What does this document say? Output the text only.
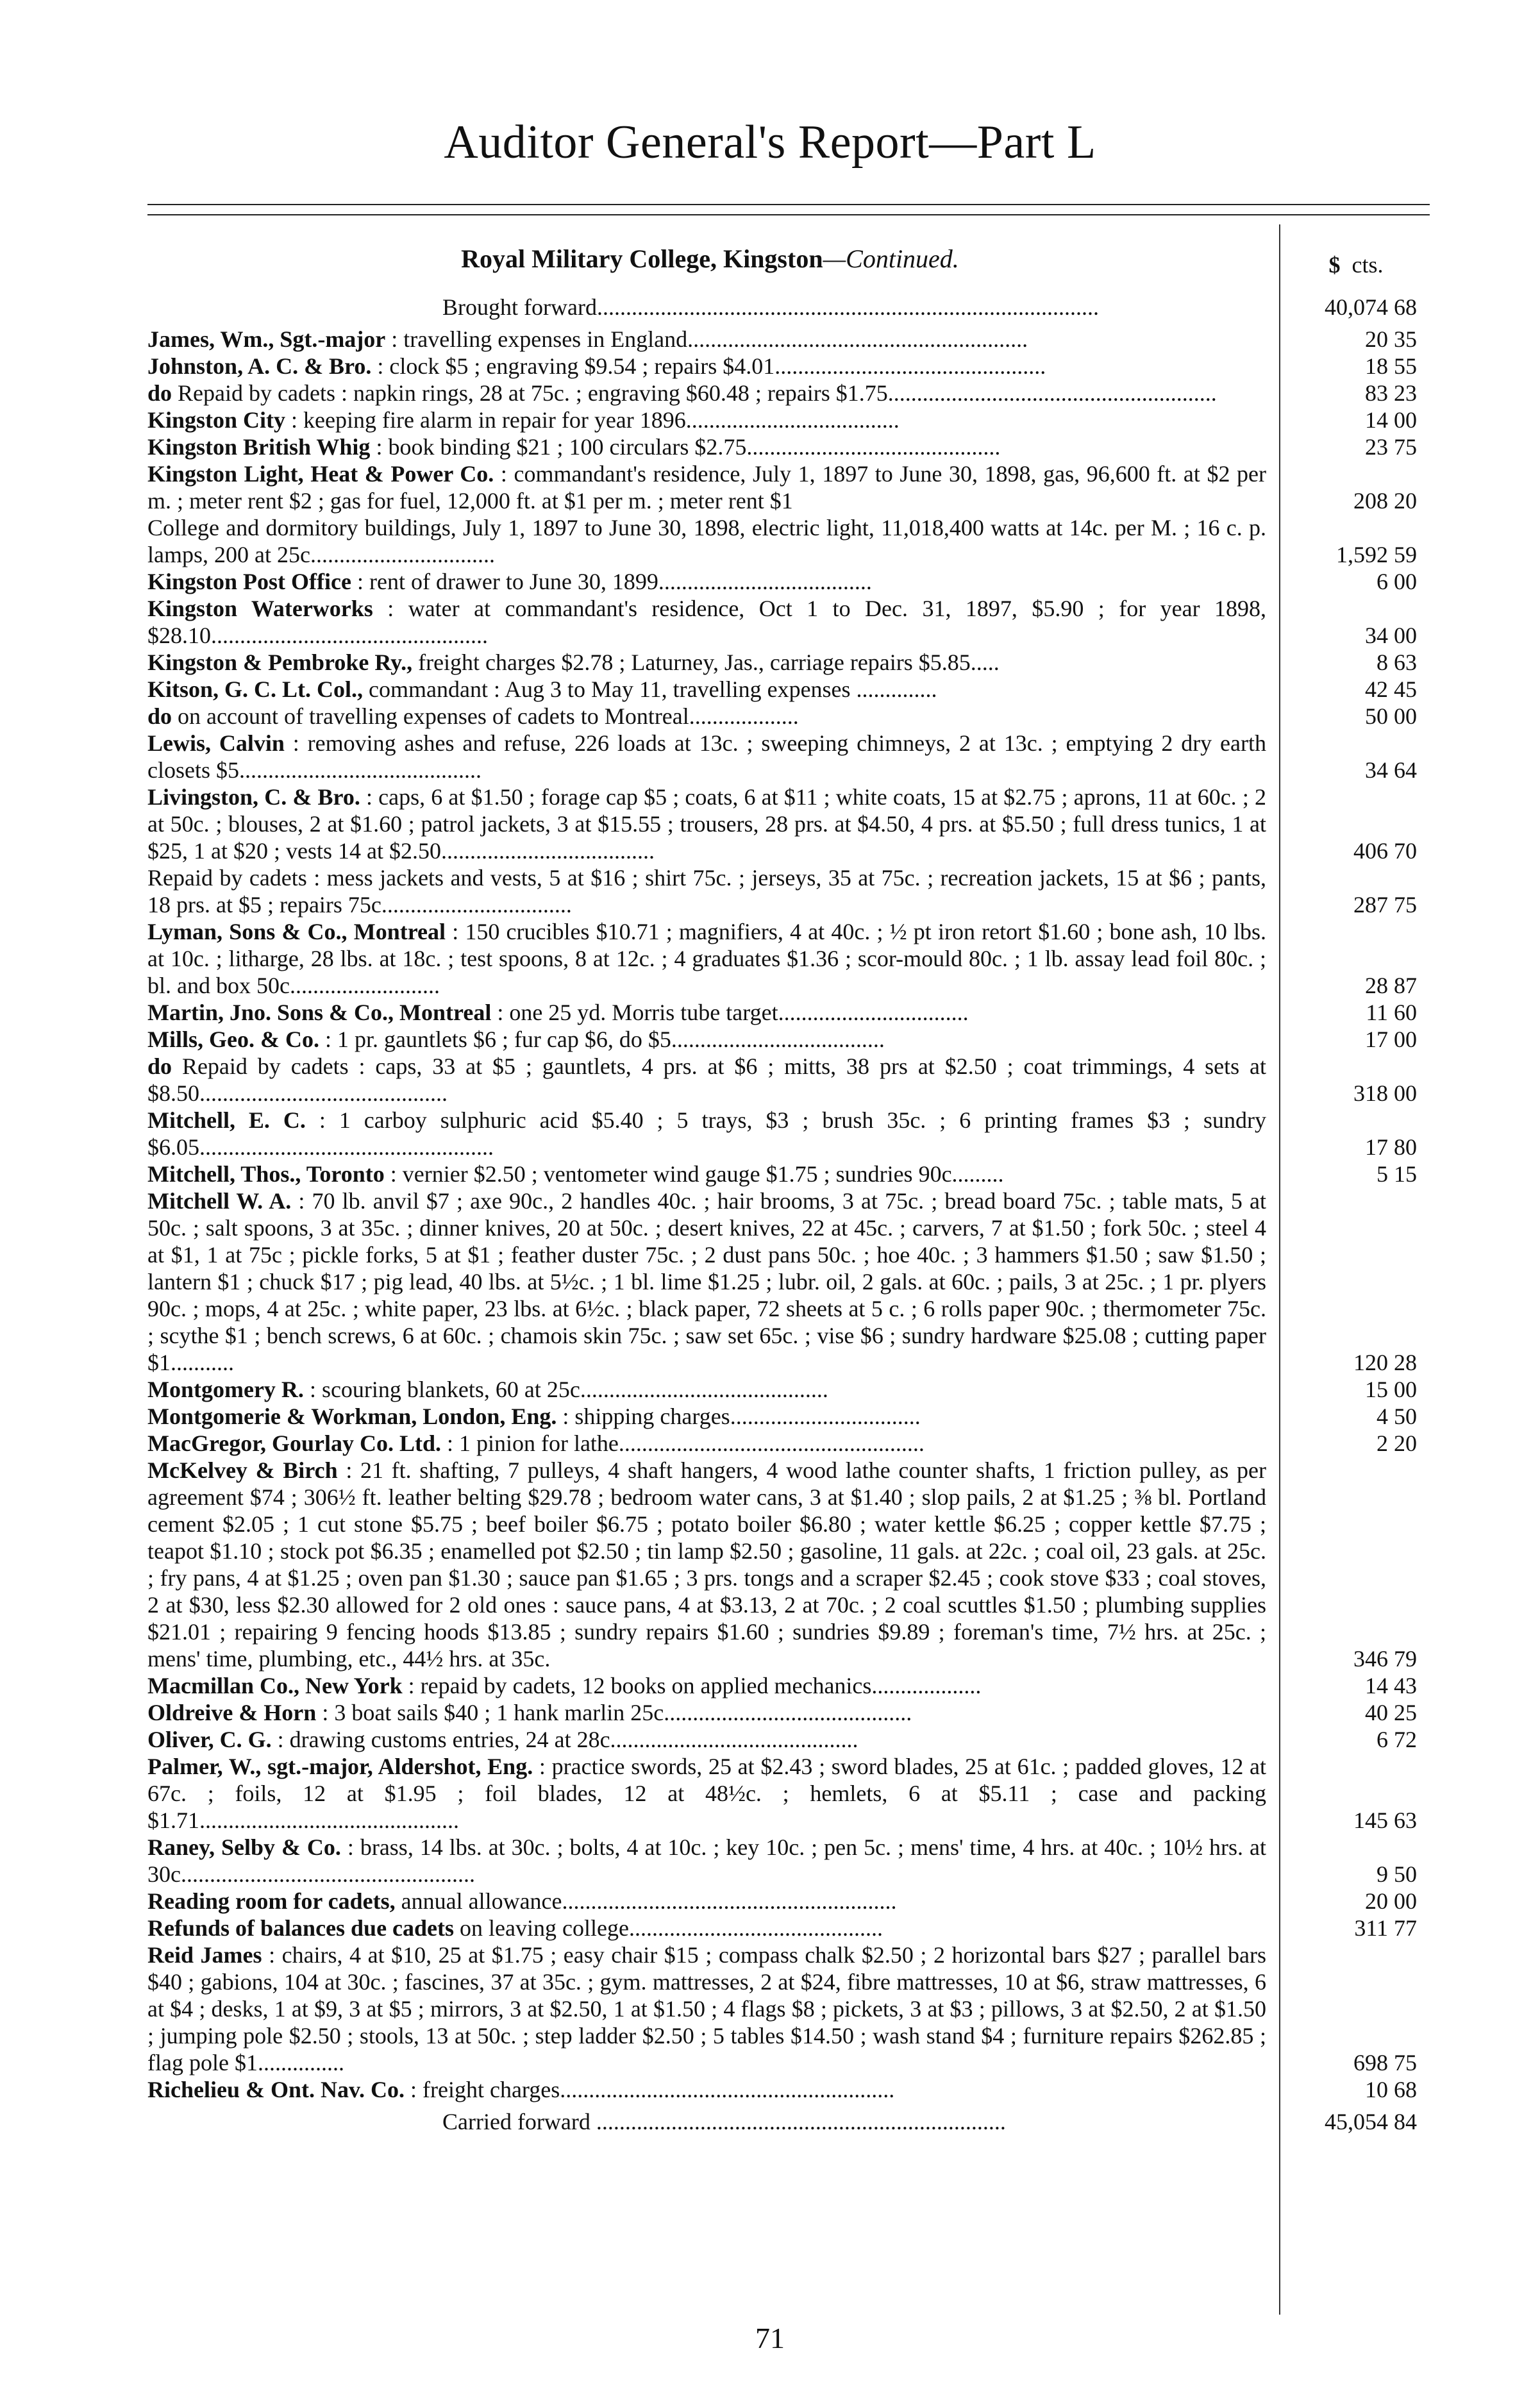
Auditor General's Report—Part L
Royal Military College, Kingston—Continued.	$ cts.
Brought forward.......................................................................................	40,074 68
James, Wm., Sgt.-major : travelling expenses in England...........................................................	20 35
Johnston, A. C. & Bro. : clock $5 ; engraving $9.54 ; repairs $4.01...............................................	18 55
do Repaid by cadets : napkin rings, 28 at 75c. ; engraving $60.48 ; repairs $1.75.........................................................	83 23
Kingston City : keeping fire alarm in repair for year 1896.....................................	14 00
Kingston British Whig : book binding $21 ; 100 circulars $2.75............................................	23 75
Kingston Light, Heat & Power Co. : commandant's residence, July 1, 1897 to June 30, 1898, gas, 96,600 ft. at $2 per m. ; meter rent $2 ; gas for fuel, 12,000 ft. at $1 per m. ; meter rent $1	208 20
College and dormitory buildings, July 1, 1897 to June 30, 1898, electric light, 11,018,400 watts at 14c. per M. ; 16 c. p. lamps, 200 at 25c................................	1,592 59
Kingston Post Office : rent of drawer to June 30, 1899.....................................	6 00
Kingston Waterworks : water at commandant's residence, Oct 1 to Dec. 31, 1897, $5.90 ; for year 1898, $28.10................................................	34 00
Kingston & Pembroke Ry., freight charges $2.78 ; Laturney, Jas., carriage repairs $5.85.....	8 63
Kitson, G. C. Lt. Col., commandant : Aug 3 to May 11, travelling expenses ..............	42 45
do on account of travelling expenses of cadets to Montreal...................	50 00
Lewis, Calvin : removing ashes and refuse, 226 loads at 13c. ; sweeping chimneys, 2 at 13c. ; emptying 2 dry earth closets $5..........................................	34 64
Livingston, C. & Bro. : caps, 6 at $1.50 ; forage cap $5 ; coats, 6 at $11 ; white coats, 15 at $2.75 ; aprons, 11 at 60c. ; 2 at 50c. ; blouses, 2 at $1.60 ; patrol jackets, 3 at $15.55 ; trousers, 28 prs. at $4.50, 4 prs. at $5.50 ; full dress tunics, 1 at $25, 1 at $20 ; vests 14 at $2.50.....................................	406 70
Repaid by cadets : mess jackets and vests, 5 at $16 ; shirt 75c. ; jerseys, 35 at 75c. ; recreation jackets, 15 at $6 ; pants, 18 prs. at $5 ; repairs 75c.................................	287 75
Lyman, Sons & Co., Montreal : 150 crucibles $10.71 ; magnifiers, 4 at 40c. ; ½ pt iron retort $1.60 ; bone ash, 10 lbs. at 10c. ; litharge, 28 lbs. at 18c. ; test spoons, 8 at 12c. ; 4 graduates $1.36 ; scor-mould 80c. ; 1 lb. assay lead foil 80c. ; bl. and box 50c..........................	28 87
Martin, Jno. Sons & Co., Montreal : one 25 yd. Morris tube target.................................	11 60
Mills, Geo. & Co. : 1 pr. gauntlets $6 ; fur cap $6, do $5.....................................	17 00
do Repaid by cadets : caps, 33 at $5 ; gauntlets, 4 prs. at $6 ; mitts, 38 prs at $2.50 ; coat trimmings, 4 sets at $8.50...........................................	318 00
Mitchell, E. C. : 1 carboy sulphuric acid $5.40 ; 5 trays, $3 ; brush 35c. ; 6 printing frames $3 ; sundry $6.05...................................................	17 80
Mitchell, Thos., Toronto : vernier $2.50 ; ventometer wind gauge $1.75 ; sundries 90c.........	5 15
Mitchell W. A. : 70 lb. anvil $7 ; axe 90c., 2 handles 40c. ; hair brooms, 3 at 75c. ; bread board 75c. ; table mats, 5 at 50c. ; salt spoons, 3 at 35c. ; dinner knives, 20 at 50c. ; desert knives, 22 at 45c. ; carvers, 7 at $1.50 ; fork 50c. ; steel 4 at $1, 1 at 75c ; pickle forks, 5 at $1 ; feather duster 75c. ; 2 dust pans 50c. ; hoe 40c. ; 3 hammers $1.50 ; saw $1.50 ; lantern $1 ; chuck $17 ; pig lead, 40 lbs. at 5½c. ; 1 bl. lime $1.25 ; lubr. oil, 2 gals. at 60c. ; pails, 3 at 25c. ; 1 pr. plyers 90c. ; mops, 4 at 25c. ; white paper, 23 lbs. at 6½c. ; black paper, 72 sheets at 5 c. ; 6 rolls paper 90c. ; thermometer 75c. ; scythe $1 ; bench screws, 6 at 60c. ; chamois skin 75c. ; saw set 65c. ; vise $6 ; sundry hardware $25.08 ; cutting paper $1...........	120 28
Montgomery R. : scouring blankets, 60 at 25c...........................................	15 00
Montgomerie & Workman, London, Eng. : shipping charges.................................	4 50
MacGregor, Gourlay Co. Ltd. : 1 pinion for lathe.....................................................	2 20
McKelvey & Birch : 21 ft. shafting, 7 pulleys, 4 shaft hangers, 4 wood lathe counter shafts, 1 friction pulley, as per agreement $74 ; 306½ ft. leather belting $29.78 ; bedroom water cans, 3 at $1.40 ; slop pails, 2 at $1.25 ; ⅜ bl. Portland cement $2.05 ; 1 cut stone $5.75 ; beef boiler $6.75 ; potato boiler $6.80 ; water kettle $6.25 ; copper kettle $7.75 ; teapot $1.10 ; stock pot $6.35 ; enamelled pot $2.50 ; tin lamp $2.50 ; gasoline, 11 gals. at 22c. ; coal oil, 23 gals. at 25c. ; fry pans, 4 at $1.25 ; oven pan $1.30 ; sauce pan $1.65 ; 3 prs. tongs and a scraper $2.45 ; cook stove $33 ; coal stoves, 2 at $30, less $2.30 allowed for 2 old ones : sauce pans, 4 at $3.13, 2 at 70c. ; 2 coal scuttles $1.50 ; plumbing supplies $21.01 ; repairing 9 fencing hoods $13.85 ; sundry repairs $1.60 ; sundries $9.89 ; foreman's time, 7½ hrs. at 25c. ; mens' time, plumbing, etc., 44½ hrs. at 35c.	346 79
Macmillan Co., New York : repaid by cadets, 12 books on applied mechanics...................	14 43
Oldreive & Horn : 3 boat sails $40 ; 1 hank marlin 25c...........................................	40 25
Oliver, C. G. : drawing customs entries, 24 at 28c...........................................	6 72
Palmer, W., sgt.-major, Aldershot, Eng. : practice swords, 25 at $2.43 ; sword blades, 25 at 61c. ; padded gloves, 12 at 67c. ; foils, 12 at $1.95 ; foil blades, 12 at 48½c. ; hemlets, 6 at $5.11 ; case and packing $1.71.............................................	145 63
Raney, Selby & Co. : brass, 14 lbs. at 30c. ; bolts, 4 at 10c. ; key 10c. ; pen 5c. ; mens' time, 4 hrs. at 40c. ; 10½ hrs. at 30c...................................................	9 50
Reading room for cadets, annual allowance..........................................................	20 00
Refunds of balances due cadets on leaving college............................................	311 77
Reid James : chairs, 4 at $10, 25 at $1.75 ; easy chair $15 ; compass chalk $2.50 ; 2 horizontal bars $27 ; parallel bars $40 ; gabions, 104 at 30c. ; fascines, 37 at 35c. ; gym. mattresses, 2 at $24, fibre mattresses, 10 at $6, straw mattresses, 6 at $4 ; desks, 1 at $9, 3 at $5 ; mirrors, 3 at $2.50, 1 at $1.50 ; 4 flags $8 ; pickets, 3 at $3 ; pillows, 3 at $2.50, 2 at $1.50 ; jumping pole $2.50 ; stools, 13 at 50c. ; step ladder $2.50 ; 5 tables $14.50 ; wash stand $4 ; furniture repairs $262.85 ; flag pole $1...............	698 75
Richelieu & Ont. Nav. Co. : freight charges..........................................................	10 68
Carried forward .......................................................................	45,054 84
71
